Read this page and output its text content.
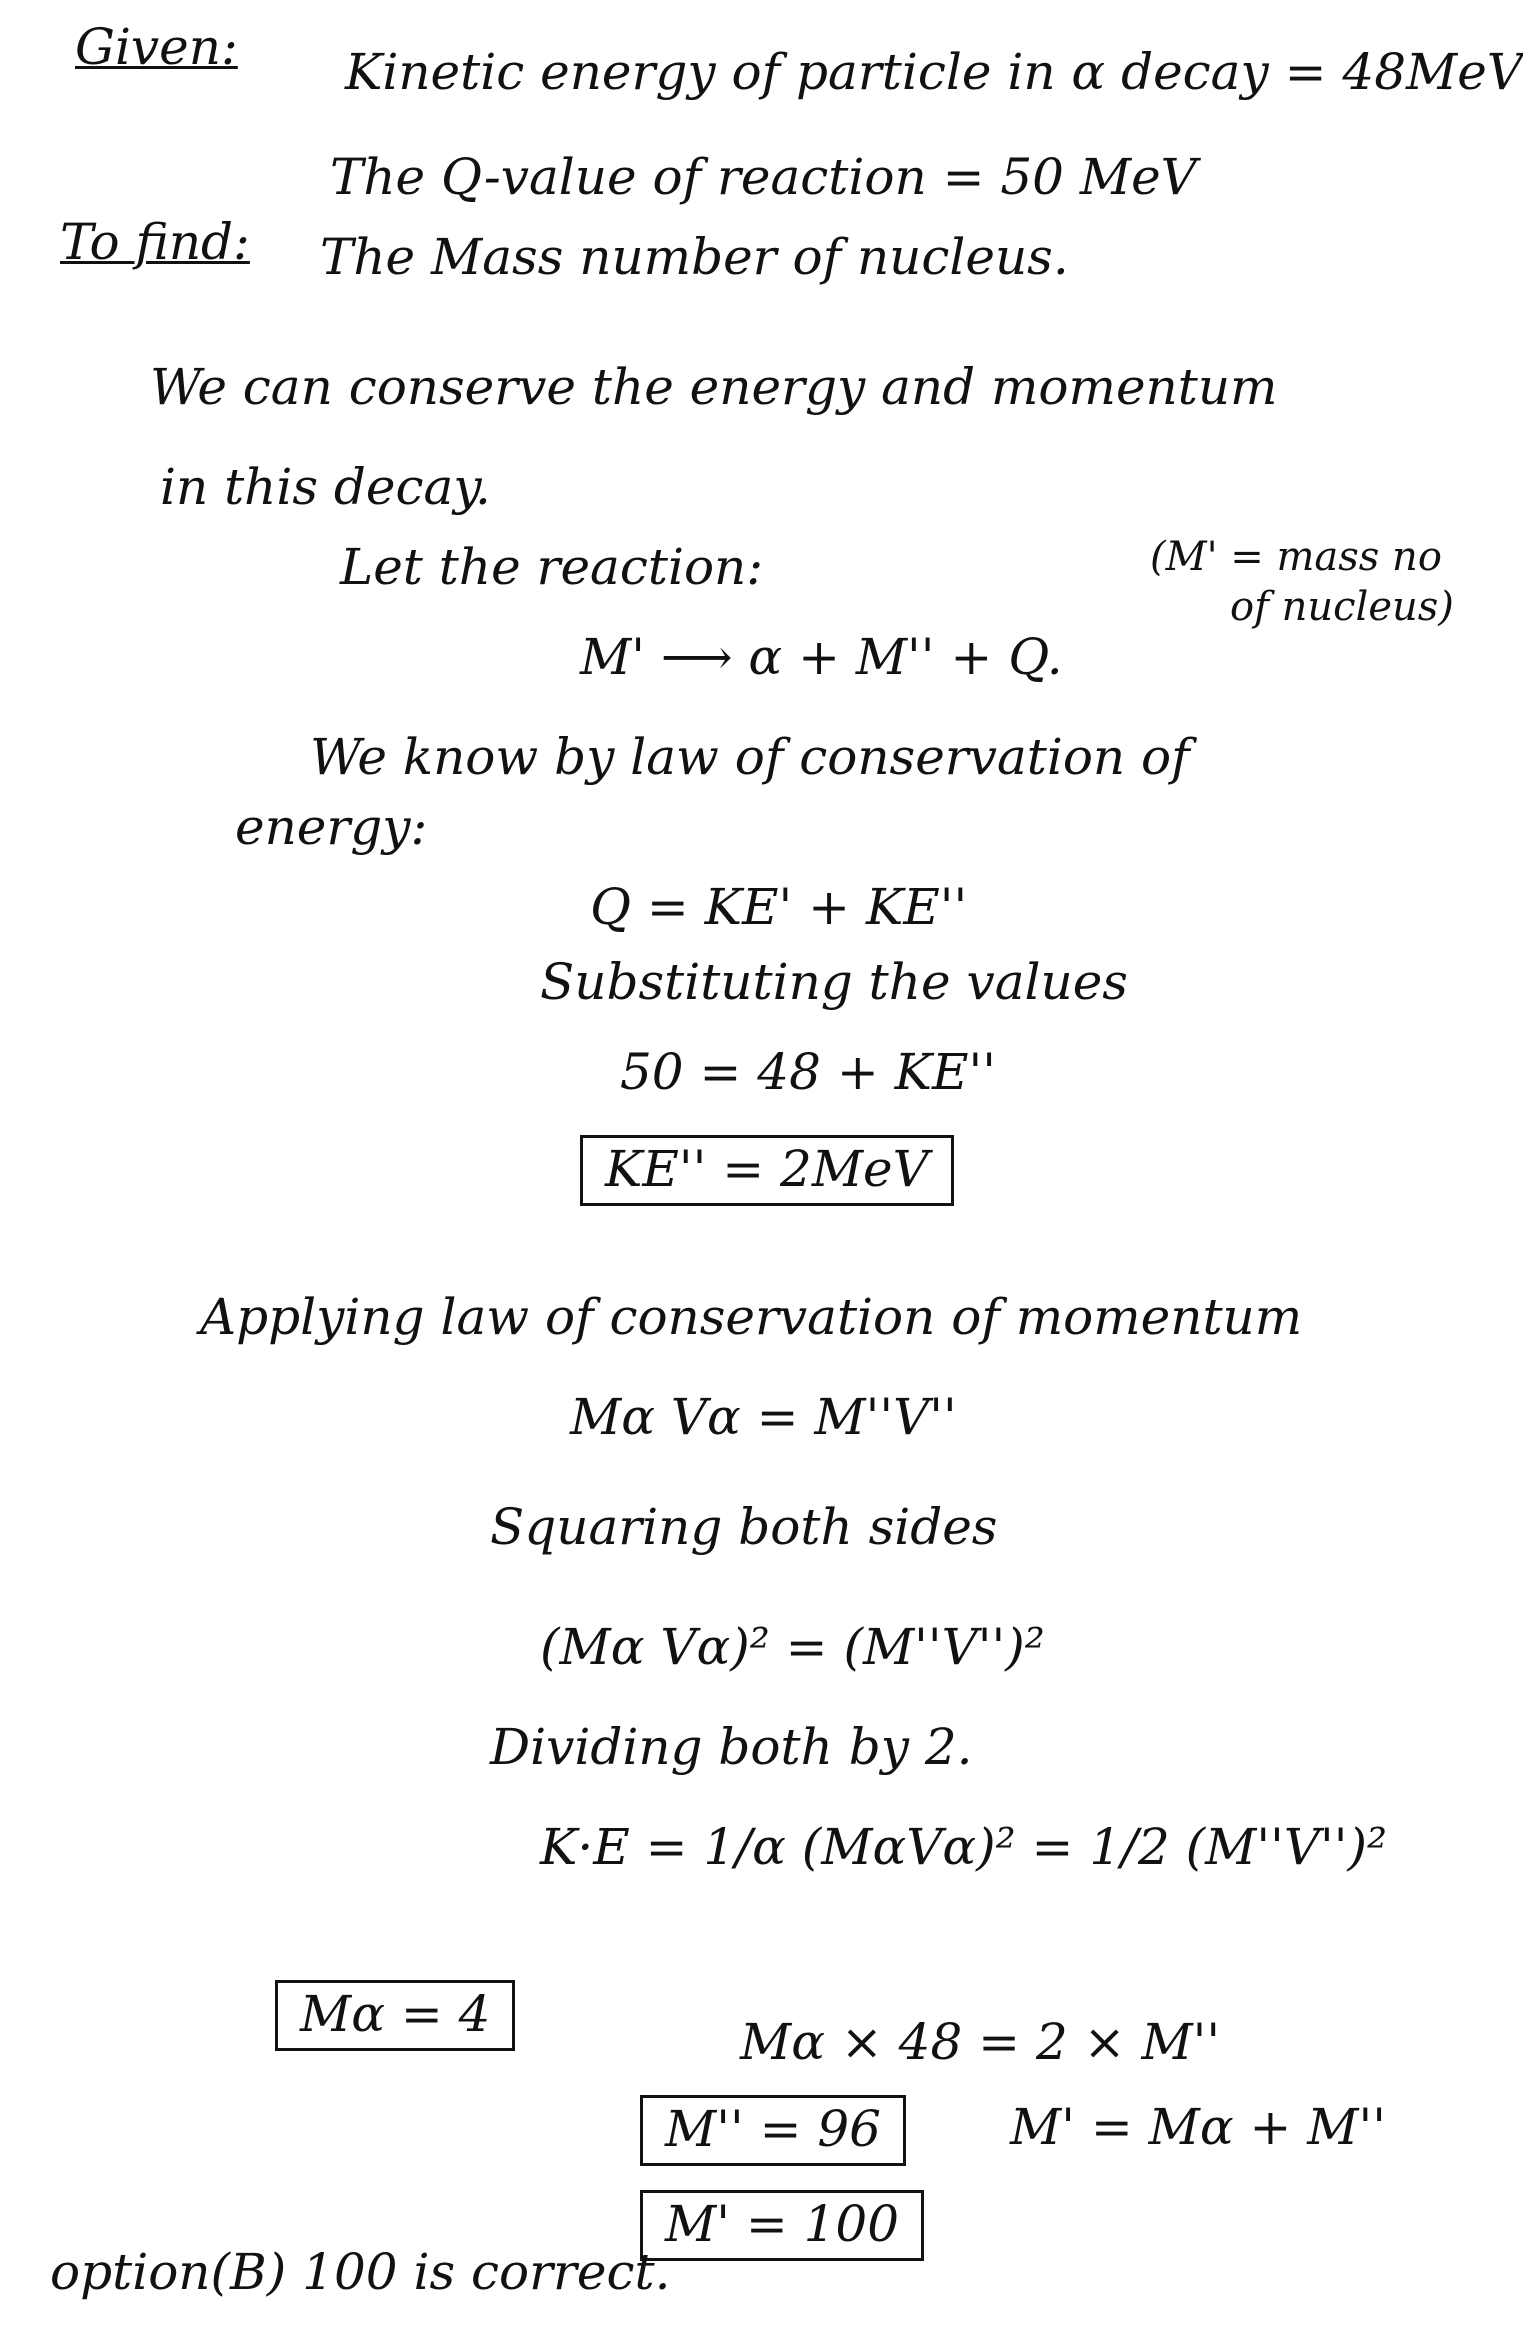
Given: Kinetic energy of particle in α decay = 48MeV
The Q-value of reaction = 50 MeV
To find: The Mass number of nucleus.
We can conserve the energy and momentum
in this decay.
Let the reaction:	(M' = mass no
of nucleus)
M' ⟶ α + M'' + Q.
We know by law of conservation of
energy:
Q = KE' + KE''
Substituting the values
50 = 48 + KE''
KE'' = 2MeV
Applying law of conservation of momentum
Mα Vα = M''V''
Squaring both sides
(Mα Vα)² = (M''V'')²
Dividing both by 2.
K·E = 1/α (MαVα)² = 1/2 (M''V'')²
Mα = 4	Mα × 48 = 2 × M''
M'' = 96	M' = Mα + M''
M' = 100
option(B) 100 is correct.
